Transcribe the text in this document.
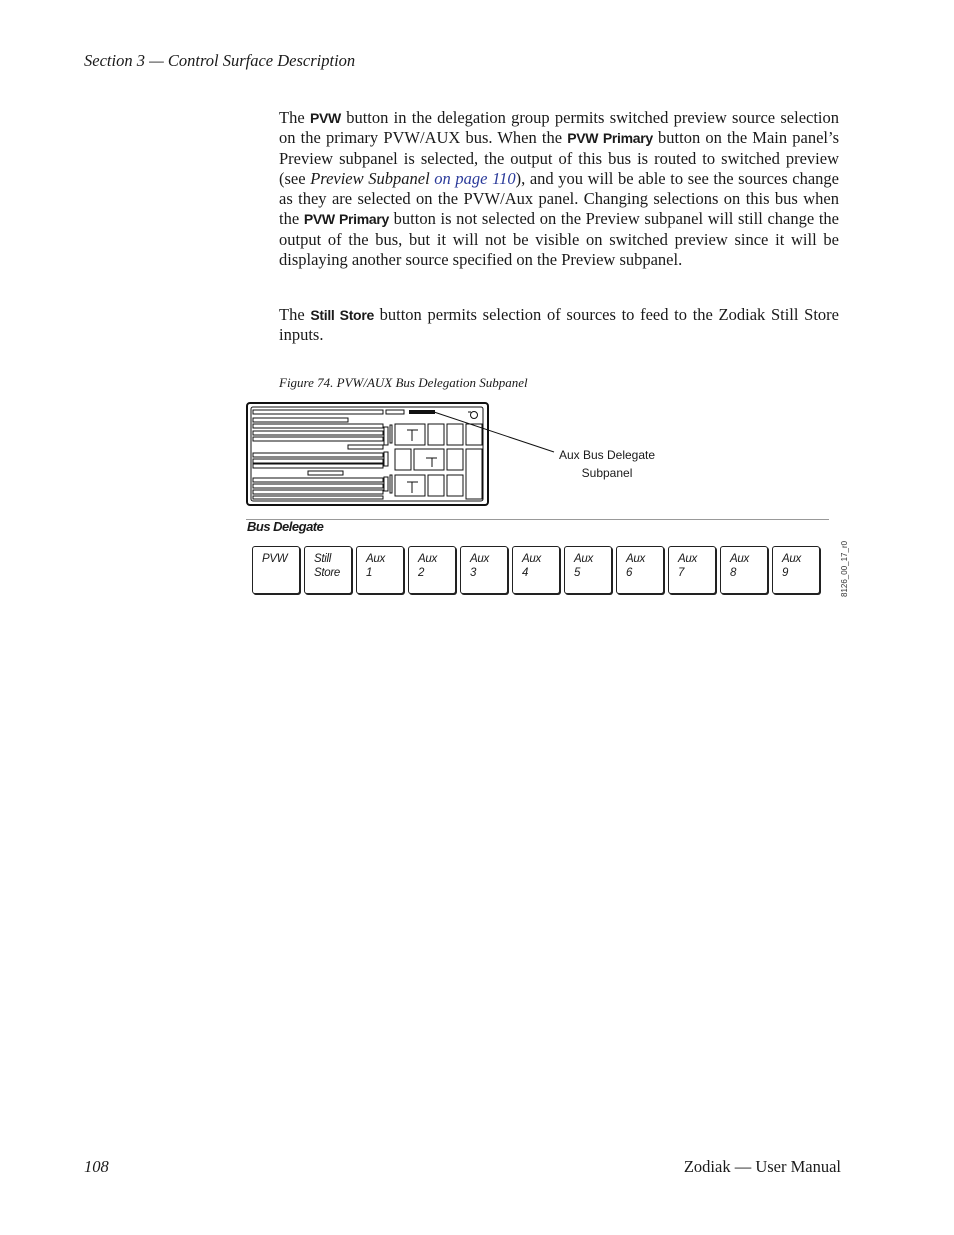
Section 3 — Control Surface Description

The PVW button in the delegation group permits switched preview source selection on the primary PVW/AUX bus. When the PVW Primary button on the Main panel’s Preview subpanel is selected, the output of this bus is routed to switched preview (see Preview Subpanel on page 110), and you will be able to see the sources change as they are selected on the PVW/Aux panel. Changing selections on this bus when the PVW Primary button is not selected on the Preview subpanel will still change the output of the bus, but it will not be visible on switched preview since it will be displaying another source specified on the Preview subpanel.

The Still Store button permits selection of sources to feed to the Zodiak Still Store inputs.

Figure 74. PVW/AUX Bus Delegation Subpanel
Aux Bus Delegate
Subpanel
Bus Delegate
PVW	Still
Store
Aux
1
Aux
2
Aux
3
Aux
4
Aux
5
Aux
6
Aux
7
Aux
8
Aux
9	8126_00_17_r0
108	Zodiak — User Manual
